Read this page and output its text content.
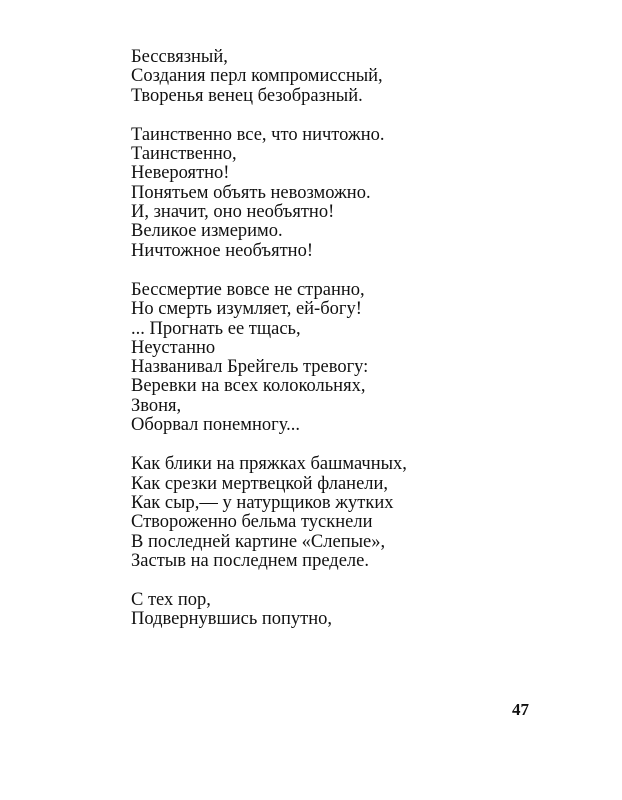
Бессвязный,
Создания перл компромиссный,
Творенья венец безобразный.
Таинственно все, что ничтожно.
Таинственно,
Невероятно!
Понятьем объять невозможно.
И, значит, оно необъятно!
Великое измеримо.
Ничтожное необъятно!
Бессмертие вовсе не странно,
Но смерть изумляет, ей-богу!
... Прогнать ее тщась,
Неустанно
Названивал Брейгель тревогу:
Веревки на всех колокольнях,
Звоня,
Оборвал понемногу...
Как блики на пряжках башмачных,
Как срезки мертвецкой фланели,
Как сыр,— у натурщиков жутких
Створоженно бельма тускнели
В последней картине «Слепые»,
Застыв на последнем пределе.
С тех пор,
Подвернувшись попутно,
47
